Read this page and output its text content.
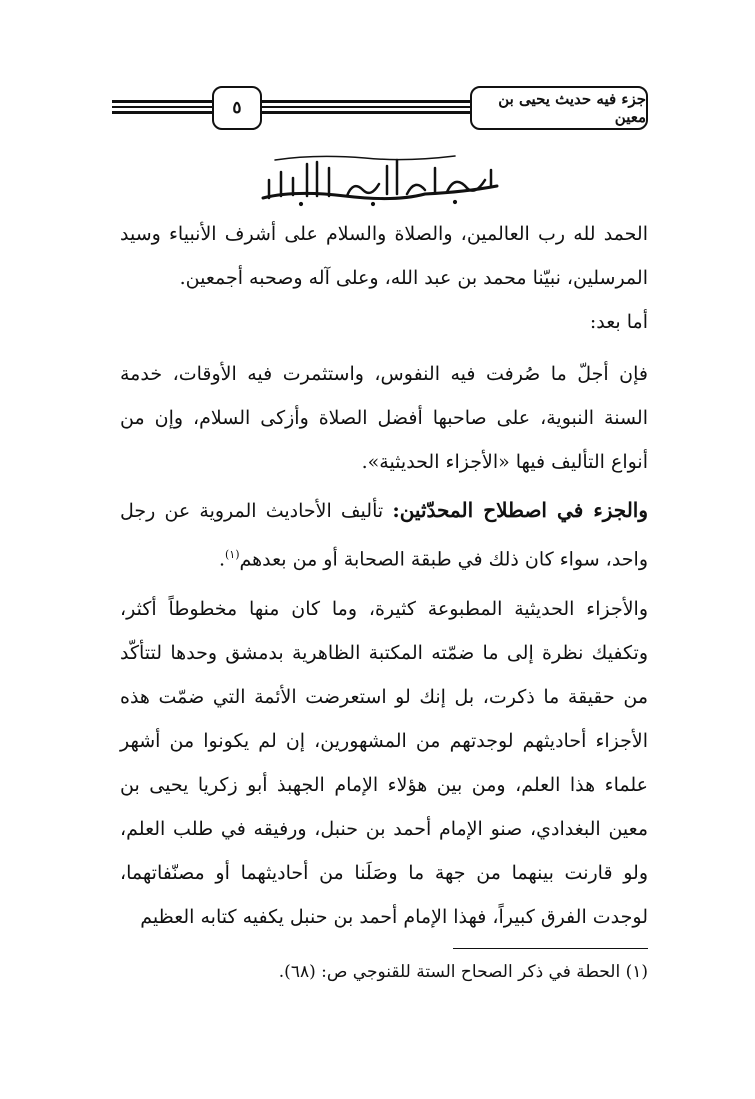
٥	جزء فيه حديث يحيى بن معين

الحمد لله رب العالمين، والصلاة والسلام على أشرف الأنبياء وسيد المرسلين، نبيّنا محمد بن عبد الله، وعلى آله وصحبه أجمعين.

أما بعد:

فإن أجلّ ما صُرفت فيه النفوس، واستثمرت فيه الأوقات، خدمة السنة النبوية، على صاحبها أفضل الصلاة وأزكى السلام، وإن من أنواع التأليف فيها «الأجزاء الحديثية».

والجزء في اصطلاح المحدّثين: تأليف الأحاديث المروية عن رجل واحد، سواء كان ذلك في طبقة الصحابة أو من بعدهم$^{(١)}$.

والأجزاء الحديثية المطبوعة كثيرة، وما كان منها مخطوطاً أكثر، وتكفيك نظرة إلى ما ضمّته المكتبة الظاهرية بدمشق وحدها لتتأكّد من حقيقة ما ذكرت، بل إنك لو استعرضت الأئمة التي ضمّت هذه الأجزاء أحاديثهم لوجدتهم من المشهورين، إن لم يكونوا من أشهر علماء هذا العلم، ومن بين هؤلاء الإمام الجهبذ أبو زكريا يحيى بن معين البغدادي، صنو الإمام أحمد بن حنبل، ورفيقه في طلب العلم، ولو قارنت بينهما من جهة ما وصَلَنا من أحاديثهما أو مصنّفاتهما، لوجدت الفرق كبيراً، فهذا الإمام أحمد بن حنبل يكفيه كتابه العظيم

(١) الحطة في ذكر الصحاح الستة للقنوجي ص: (٦٨).
